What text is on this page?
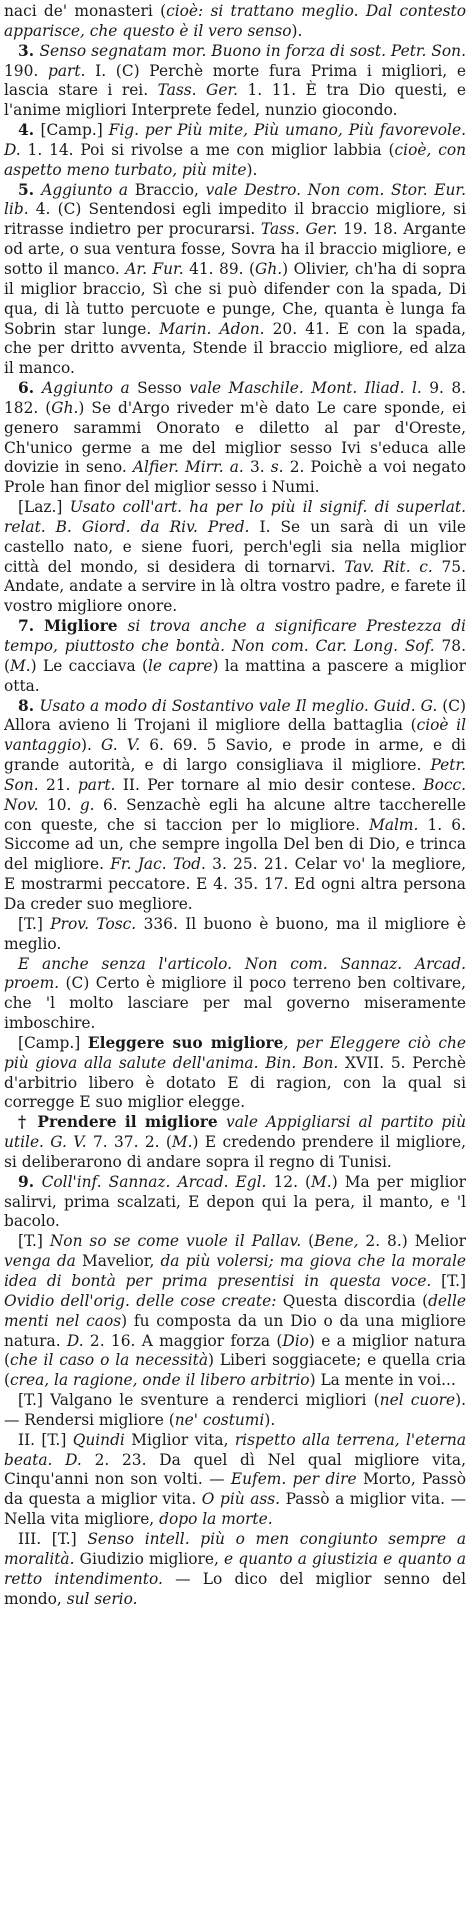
naci de' monasteri (cioè: si trattano meglio. Dal contesto apparisce, che questo è il vero senso).

3. Senso segnatam mor. Buono in forza di sost. Petr. Son. 190. part. I. (C) Perchè morte fura Prima i migliori, e lascia stare i rei. Tass. Ger. 1. 11. È tra Dio questi, e l'anime migliori Interprete fedel, nunzio giocondo.

4. [Camp.] Fig. per Più mite, Più umano, Più favorevole. D. 1. 14. Poi si rivolse a me con miglior labbia (cioè, con aspetto meno turbato, più mite).

5. Aggiunto a Braccio, vale Destro. Non com. Stor. Eur. lib. 4. (C) Sentendosi egli impedito il braccio migliore, si ritrasse indietro per procurarsi. Tass. Ger. 19. 18. Argante od arte, o sua ventura fosse, Sovra ha il braccio migliore, e sotto il manco. Ar. Fur. 41. 89. (Gh.) Olivier, ch'ha di sopra il miglior braccio, Sì che si può difender con la spada, Di qua, di là tutto percuote e punge, Che, quanta è lunga fa Sobrin star lunge. Marin. Adon. 20. 41. E con la spada, che per dritto avventa, Stende il braccio migliore, ed alza il manco.

6. Aggiunto a Sesso vale Maschile. Mont. Iliad. l. 9. 8. 182. (Gh.) Se d'Argo riveder m'è dato Le care sponde, ei genero sarammi Onorato e diletto al par d'Oreste, Ch'unico germe a me del miglior sesso Ivi s'educa alle dovizie in seno. Alfier. Mirr. a. 3. s. 2. Poichè a voi negato Prole han finor del miglior sesso i Numi.

[Laz.] Usato coll'art. ha per lo più il signif. di superlat. relat. B. Giord. da Riv. Pred. I. Se un sarà di un vile castello nato, e siene fuori, perch'egli sia nella miglior città del mondo, si desidera di tornarvi. Tav. Rit. c. 75. Andate, andate a servire in là oltra vostro padre, e farete il vostro migliore onore.

7. Migliore si trova anche a significare Prestezza di tempo, piuttosto che bontà. Non com. Car. Long. Sof. 78. (M.) Le cacciava (le capre) la mattina a pascere a miglior otta.

8. Usato a modo di Sostantivo vale Il meglio. Guid. G. (C) Allora avieno li Trojani il migliore della battaglia (cioè il vantaggio). G. V. 6. 69. 5 Savio, e prode in arme, e di grande autorità, e di largo consigliava il migliore. Petr. Son. 21. part. II. Per tornare al mio desir contese. Bocc. Nov. 10. g. 6. Senzachè egli ha alcune altre taccherelle con queste, che si taccion per lo migliore. Malm. 1. 6. Siccome ad un, che sempre ingolla Del ben di Dio, e trinca del migliore. Fr. Jac. Tod. 3. 25. 21. Celar vo' la megliore, E mostrarmi peccatore. E 4. 35. 17. Ed ogni altra persona Da creder suo megliore.

[T.] Prov. Tosc. 336. Il buono è buono, ma il migliore è meglio.

E anche senza l'articolo. Non com. Sannaz. Arcad. proem. (C) Certo è migliore il poco terreno ben coltivare, che 'l molto lasciare per mal governo miseramente imboschire.

[Camp.] Eleggere suo migliore, per Eleggere ciò che più giova alla salute dell'anima. Bin. Bon. XVII. 5. Perchè d'arbitrio libero è dotato E di ragion, con la qual si corregge E suo miglior elegge.

† Prendere il migliore vale Appigliarsi al partito più utile. G. V. 7. 37. 2. (M.) E credendo prendere il migliore, si deliberarono di andare sopra il regno di Tunisi.

9. Coll'inf. Sannaz. Arcad. Egl. 12. (M.) Ma per miglior salirvi, prima scalzati, E depon qui la pera, il manto, e 'l bacolo.

[T.] Non so se come vuole il Pallav. (Bene, 2. 8.) Melior venga da Mavelior, da più volersi; ma giova che la morale idea di bontà per prima presentisi in questa voce. [T.] Ovidio dell'orig. delle cose create: Questa discordia (delle menti nel caos) fu composta da un Dio o da una migliore natura. D. 2. 16. A maggior forza (Dio) e a miglior natura (che il caso o la necessità) Liberi soggiacete; e quella cria (crea, la ragione, onde il libero arbitrio) La mente in voi...

[T.] Valgano le sventure a renderci migliori (nel cuore). — Rendersi migliore (ne' costumi).

II. [T.] Quindi Miglior vita, rispetto alla terrena, l'eterna beata. D. 2. 23. Da quel dì Nel qual migliore vita, Cinqu'anni non son volti. — Eufem. per dire Morto, Passò da questa a miglior vita. O più ass. Passò a miglior vita. — Nella vita migliore, dopo la morte.

III. [T.] Senso intell. più o men congiunto sempre a moralità. Giudizio migliore, e quanto a giustizia e quanto a retto intendimento. — Lo dico del miglior senno del mondo, sul serio.
